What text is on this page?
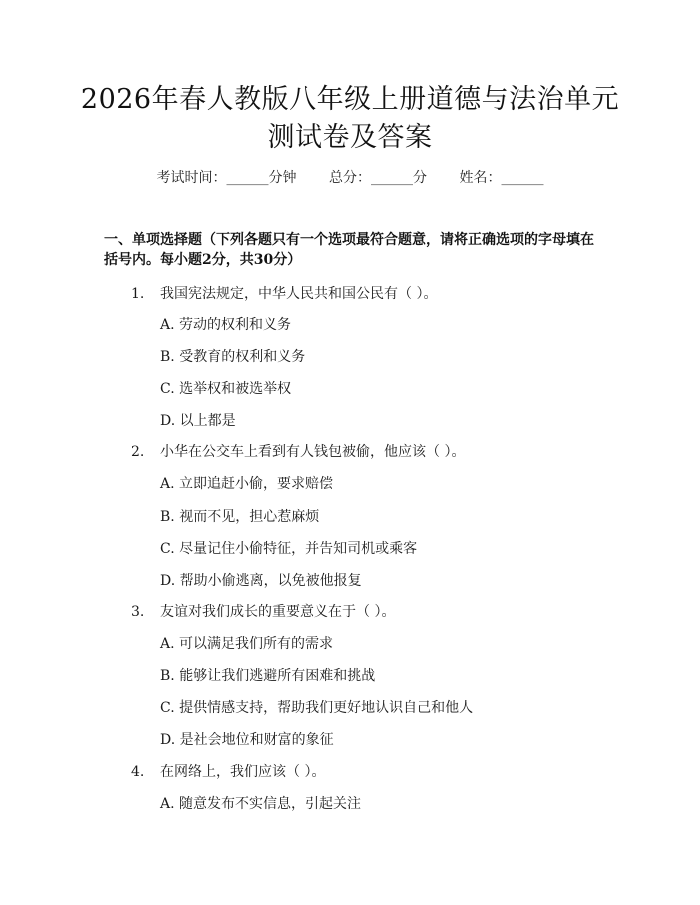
2026年春人教版八年级上册道德与法治单元
测试卷及答案
考试时间：______分钟 总分：______分 姓名：______
一、单项选择题（下列各题只有一个选项最符合题意，请将正确选项的字母填在
括号内。每小题2分，共30分）
1. 我国宪法规定，中华人民共和国公民有（ ）。
A. 劳动的权利和义务
B. 受教育的权利和义务
C. 选举权和被选举权
D. 以上都是
2. 小华在公交车上看到有人钱包被偷，他应该（ ）。
A. 立即追赶小偷，要求赔偿
B. 视而不见，担心惹麻烦
C. 尽量记住小偷特征，并告知司机或乘客
D. 帮助小偷逃离，以免被他报复
3. 友谊对我们成长的重要意义在于（ ）。
A. 可以满足我们所有的需求
B. 能够让我们逃避所有困难和挑战
C. 提供情感支持，帮助我们更好地认识自己和他人
D. 是社会地位和财富的象征
4. 在网络上，我们应该（ ）。
A. 随意发布不实信息，引起关注
